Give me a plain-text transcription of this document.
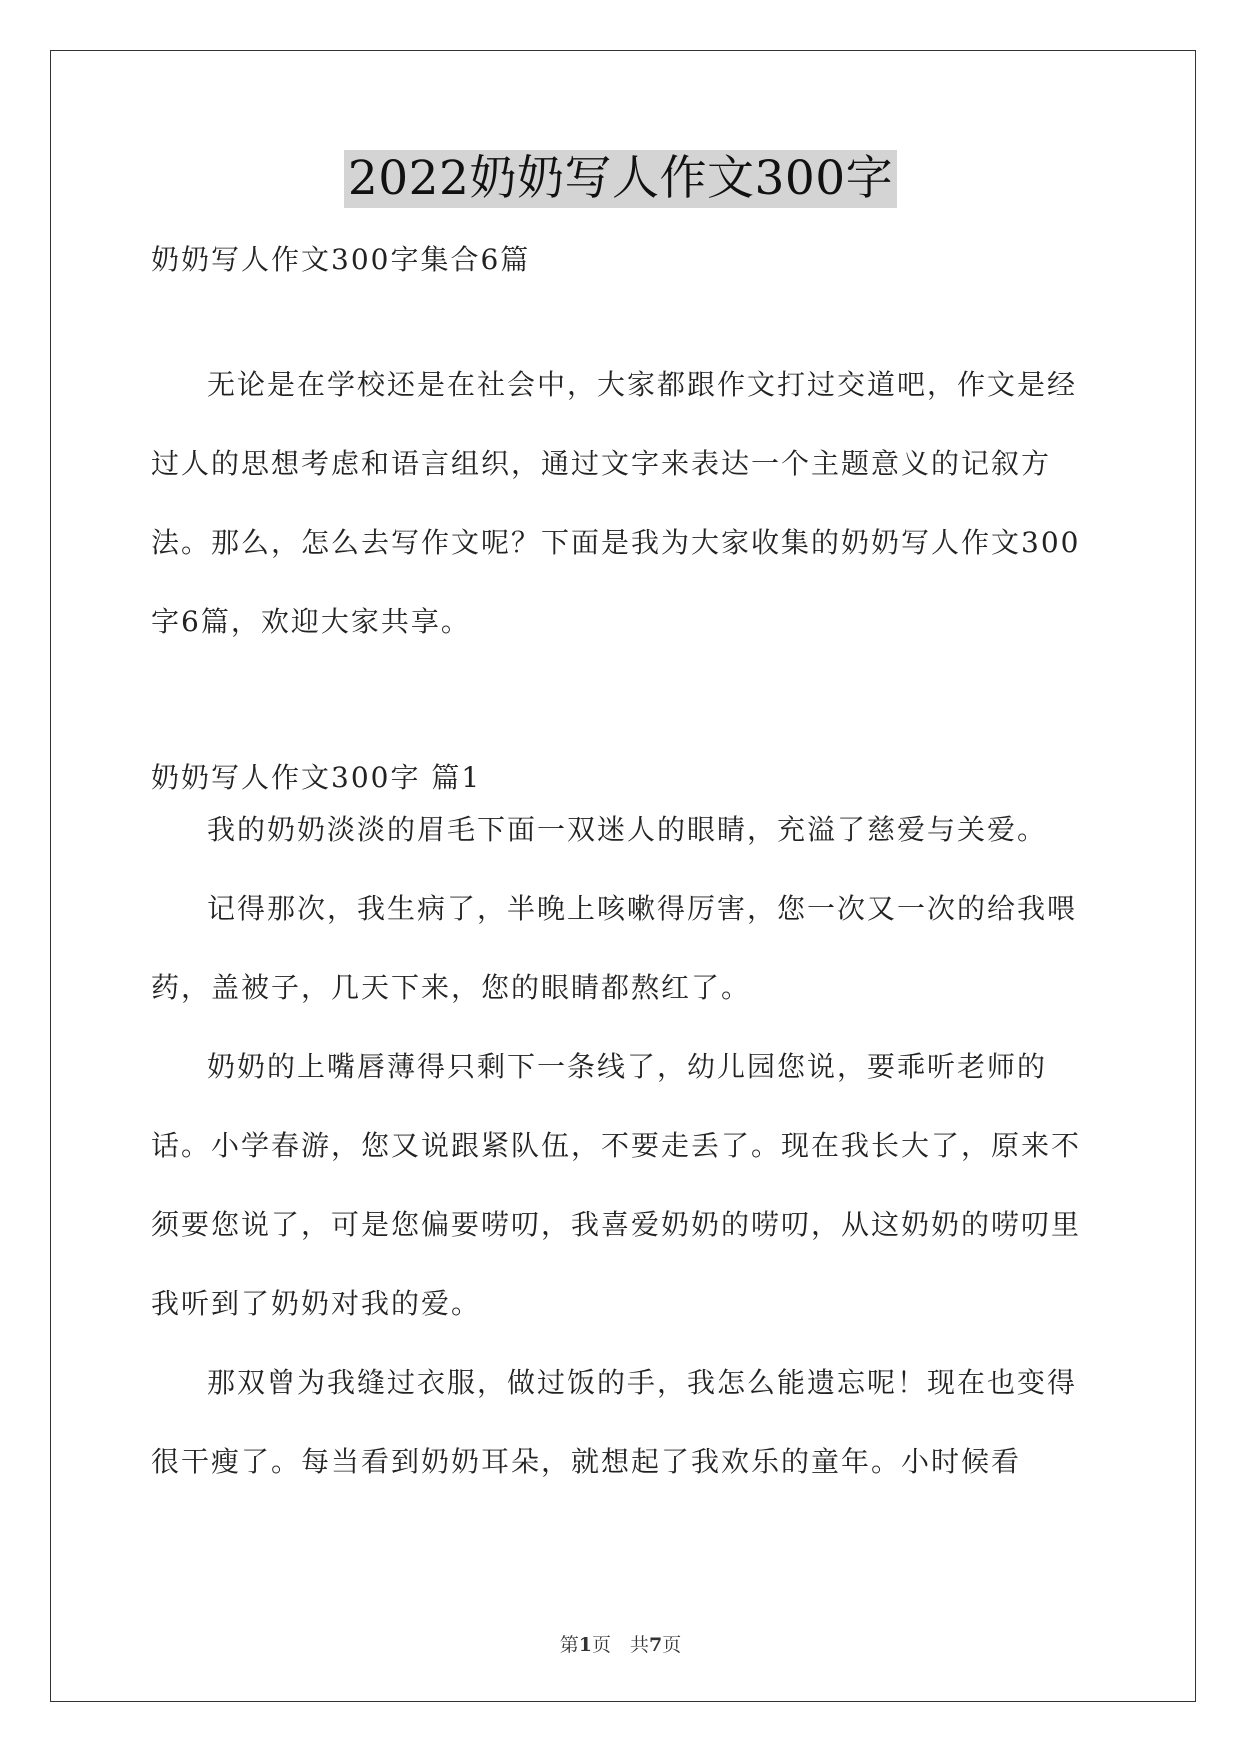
2022奶奶写人作文300字
奶奶写人作文300字集合6篇

无论是在学校还是在社会中，大家都跟作文打过交道吧，作文是经过人的思想考虑和语言组织，通过文字来表达一个主题意义的记叙方法。那么，怎么去写作文呢？下面是我为大家收集的奶奶写人作文300字6篇，欢迎大家共享。

奶奶写人作文300字 篇1

我的奶奶淡淡的眉毛下面一双迷人的眼睛，充溢了慈爱与关爱。

记得那次，我生病了，半晚上咳嗽得厉害，您一次又一次的给我喂药，盖被子，几天下来，您的眼睛都熬红了。

奶奶的上嘴唇薄得只剩下一条线了，幼儿园您说，要乖听老师的话。小学春游，您又说跟紧队伍，不要走丢了。现在我长大了，原来不须要您说了，可是您偏要唠叨，我喜爱奶奶的唠叨，从这奶奶的唠叨里我听到了奶奶对我的爱。

那双曾为我缝过衣服，做过饭的手，我怎么能遗忘呢！现在也变得很干瘦了。每当看到奶奶耳朵，就想起了我欢乐的童年。小时候看

第1页　共7页
